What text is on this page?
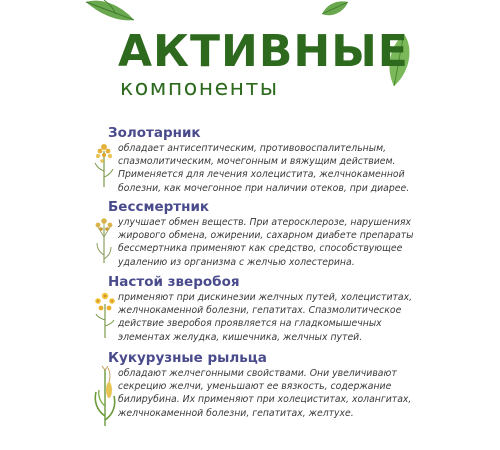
АКТИВНЫЕ
компоненты
Золотарник
обладает антисептическим, противовоспалительным,
спазмолитическим, мочегонным и вяжущим действием.
Применяется для лечения холецистита, желчнокаменной
болезни, как мочегонное при наличии отеков, при диарее.
Бессмертник
улучшает обмен веществ. При атеросклерозе, нарушениях
жирового обмена, ожирении, сахарном диабете препараты
бессмертника применяют как средство, способствующее
удалению из организма с желчью холестерина.
Настой зверобоя
применяют при дискинезии желчных путей, холециститах,
желчнокаменной болезни, гепатитах. Спазмолитическое
действие зверобоя проявляется на гладкомышечных
элементах желудка, кишечника, желчных путей.
Кукурузные рыльца
обладают желчегонными свойствами. Они увеличивают
секрецию желчи, уменьшают ее вязкость, содержание
билирубина. Их применяют при холециститах, холангитах,
желчнокаменной болезни, гепатитах, желтухе.
